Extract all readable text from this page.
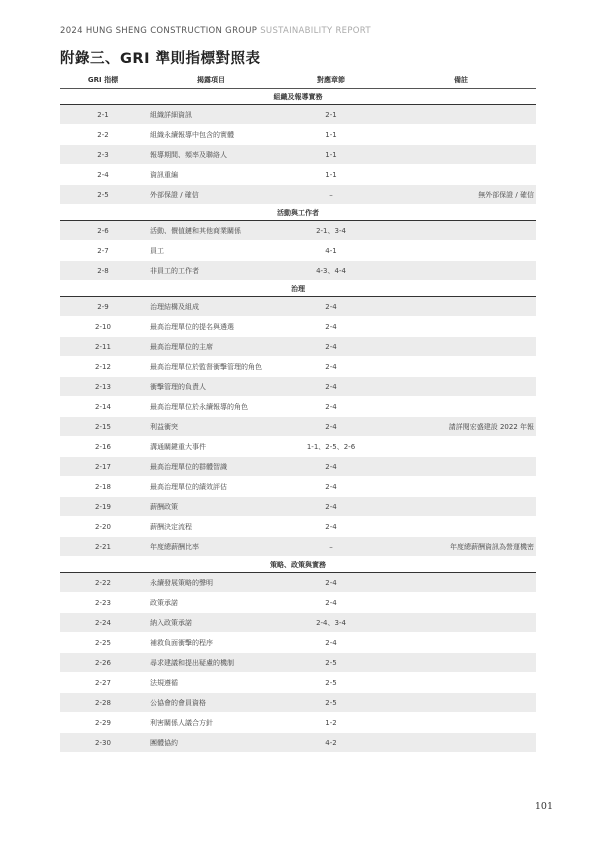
2024 HUNG SHENG CONSTRUCTION GROUP SUSTAINABILITY REPORT
附錄三、GRI 準則指標對照表
GRI 指標	揭露項目	對應章節	備註
組織及報導實務			
2-1	組織詳細資訊	2-1	
2-2	組織永續報導中包含的實體	1-1	
2-3	報導期間、頻率及聯絡人	1-1	
2-4	資訊重編	1-1	
2-5	外部保證 / 確信	–	無外部保證 / 確信
活動與工作者			
2-6	活動、價值鏈和其他商業關係	2-1、3-4	
2-7	員工	4-1	
2-8	非員工的工作者	4-3、4-4	
治理			
2-9	治理結構及組成	2-4	
2-10	最高治理單位的提名與遴選	2-4	
2-11	最高治理單位的主席	2-4	
2-12	最高治理單位於監督衝擊管理的角色	2-4	
2-13	衝擊管理的負責人	2-4	
2-14	最高治理單位於永續報導的角色	2-4	
2-15	利益衝突	2-4	請詳閱宏盛建設 2022 年報
2-16	溝通關鍵重大事件	1-1、2-5、2-6	
2-17	最高治理單位的群體智識	2-4	
2-18	最高治理單位的績效評估	2-4	
2-19	薪酬政策	2-4	
2-20	薪酬決定流程	2-4	
2-21	年度總薪酬比率	–	年度總薪酬資訊為營運機密
策略、政策與實務			
2-22	永續發展策略的聲明	2-4	
2-23	政策承諾	2-4	
2-24	納入政策承諾	2-4、3-4	
2-25	補救負面衝擊的程序	2-4	
2-26	尋求建議和提出疑慮的機制	2-5	
2-27	法規遵循	2-5	
2-28	公協會的會員資格	2-5	
2-29	利害關係人議合方針	1-2	
2-30	團體協約	4-2	
101
